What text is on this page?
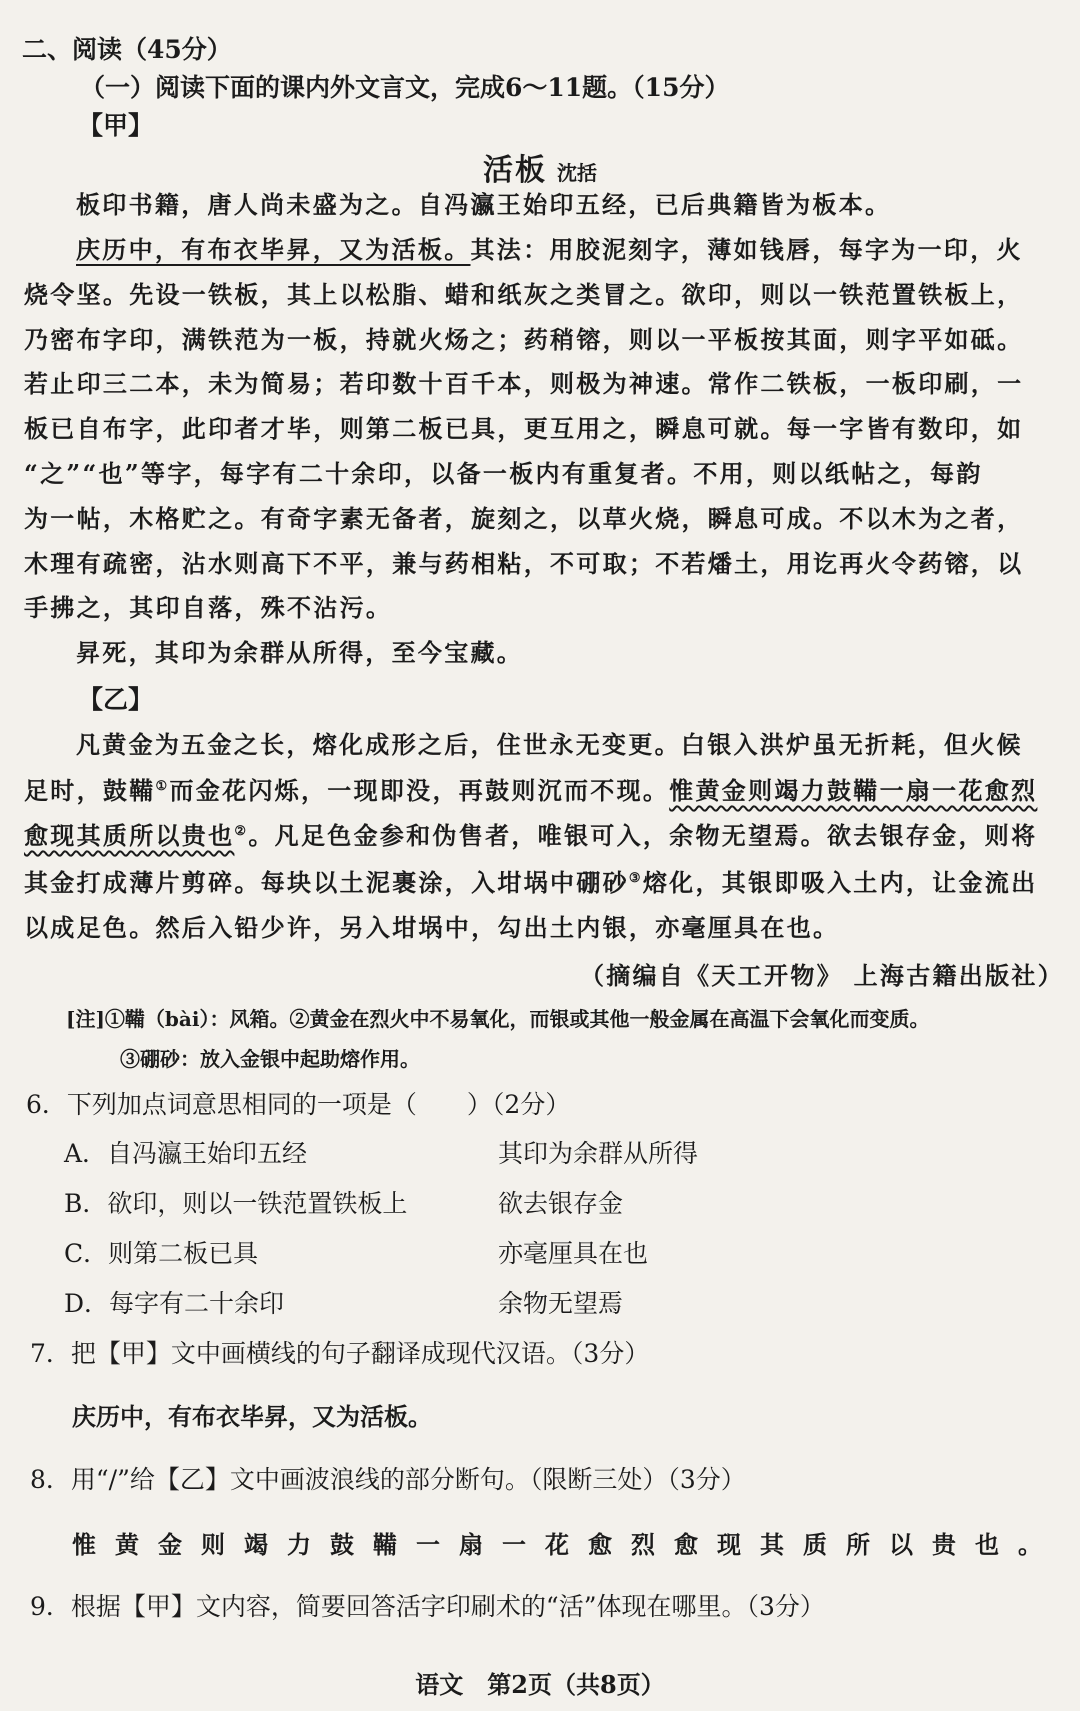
二、阅读（45分）
（一）阅读下面的课内外文言文，完成6～11题。（15分）
【甲】
活板 沈括
板印书籍，唐人尚未盛为之。自冯瀛王始印五经，已后典籍皆为板本。
庆历中，有布衣毕昇，又为活板。其法：用胶泥刻字，薄如钱唇，每字为一印，火
烧令坚。先设一铁板，其上以松脂、蜡和纸灰之类冒之。欲印，则以一铁范置铁板上，
乃密布字印，满铁范为一板，持就火炀之；药稍镕，则以一平板按其面，则字平如砥。
若止印三二本，未为简易；若印数十百千本，则极为神速。常作二铁板，一板印刷，一
板已自布字，此印者才毕，则第二板已具，更互用之，瞬息可就。每一字皆有数印，如
“之”“也”等字，每字有二十余印，以备一板内有重复者。不用，则以纸帖之，每韵
为一帖，木格贮之。有奇字素无备者，旋刻之，以草火烧，瞬息可成。不以木为之者，
木理有疏密，沾水则高下不平，兼与药相粘，不可取；不若燔土，用讫再火令药镕，以
手拂之，其印自落，殊不沾污。
昇死，其印为余群从所得，至今宝藏。
【乙】
凡黄金为五金之长，熔化成形之后，住世永无变更。白银入洪炉虽无折耗，但火候
足时，鼓鞴①而金花闪烁，一现即没，再鼓则沉而不现。惟黄金则竭力鼓鞴一扇一花愈烈
愈现其质所以贵也②。凡足色金参和伪售者，唯银可入，余物无望焉。欲去银存金，则将
其金打成薄片剪碎。每块以土泥裹涂，入坩埚中硼砂③熔化，其银即吸入土内，让金流出
以成足色。然后入铅少许，另入坩埚中，勾出土内银，亦毫厘具在也。
（摘编自《天工开物》 上海古籍出版社）
[注]①鞴（bài）：风箱。②黄金在烈火中不易氧化，而银或其他一般金属在高温下会氧化而变质。
③硼砂：放入金银中起助熔作用。
6．下列加点词意思相同的一项是（　　）（2分）
A．自冯瀛王始印五经	其印为余群从所得
B．欲印，则以一铁范置铁板上	欲去银存金
C．则第二板已具	亦毫厘具在也
D．每字有二十余印	余物无望焉
7．把【甲】文中画横线的句子翻译成现代汉语。（3分）
庆历中，有布衣毕昇，又为活板。
8．用“/”给【乙】文中画波浪线的部分断句。（限断三处）（3分）
惟黄金则竭力鼓鞴一扇一花愈烈愈现其质所以贵也。
9．根据【甲】文内容，简要回答活字印刷术的“活”体现在哪里。（3分）
语文　第2页（共8页）
